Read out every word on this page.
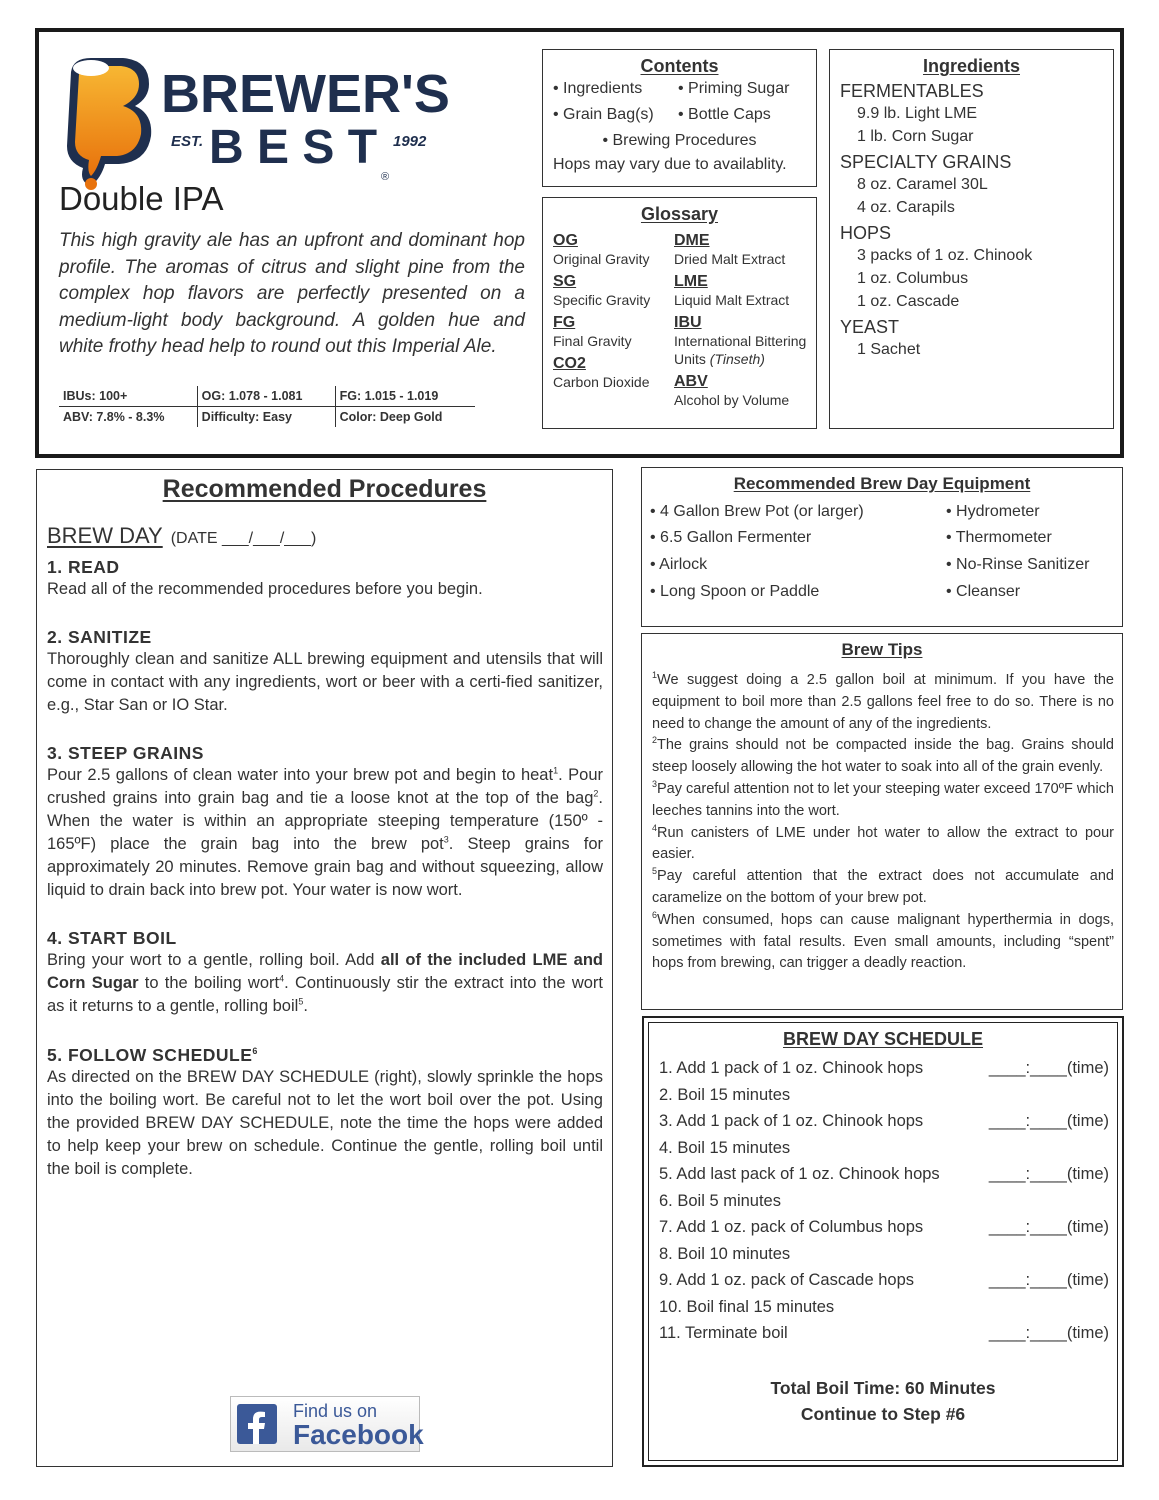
BREWER'S
EST. B E S T 1992
®
Double IPA
This high gravity ale has an upfront and dominant hop profile. The aromas of citrus and slight pine from the complex hop flavors are perfectly presented on a medium-light body background. A golden hue and white frothy head help to round out this Imperial Ale.
IBUs: 100+	OG: 1.078 - 1.081	FG: 1.015 - 1.019
ABV: 7.8% - 8.3%	Difficulty: Easy	Color: Deep Gold
Contents
• Ingredients • Priming Sugar
• Grain Bag(s) • Bottle Caps
• Brewing Procedures
Hops may vary due to availablity.
Glossary
OG
Original Gravity
SG
Specific Gravity
FG
Final Gravity
CO2
Carbon Dioxide
DME
Dried Malt Extract
LME
Liquid Malt Extract
IBU
International Bittering
Units (Tinseth)
ABV
Alcohol by Volume
Ingredients
FERMENTABLES
9.9 lb. Light LME
1 lb. Corn Sugar
SPECIALTY GRAINS
8 oz. Caramel 30L
4 oz. Carapils
HOPS
3 packs of 1 oz. Chinook
1 oz. Columbus
1 oz. Cascade
YEAST
1 Sachet
Recommended Procedures
BREW DAY (DATE ___/___/___)
1. READ
Read all of the recommended procedures before you begin.
2. SANITIZE
Thoroughly clean and sanitize ALL brewing equipment and utensils that will come in contact with any ingredients, wort or beer with a certi-fied sanitizer, e.g., Star San or IO Star.
3. STEEP GRAINS
Pour 2.5 gallons of clean water into your brew pot and begin to heat$^1$. Pour crushed grains into grain bag and tie a loose knot at the top of the bag$^2$. When the water is within an appropriate steeping temperature (150º - 165ºF) place the grain bag into the brew pot$^3$. Steep grains for approximately 20 minutes. Remove grain bag and without squeezing, allow liquid to drain back into brew pot. Your water is now wort.
4. START BOIL
Bring your wort to a gentle, rolling boil. Add all of the included LME and Corn Sugar to the boiling wort$^4$. Continuously stir the extract into the wort as it returns to a gentle, rolling boil$^5$.
5. FOLLOW SCHEDULE$^6$
As directed on the BREW DAY SCHEDULE (right), slowly sprinkle the hops into the boiling wort. Be careful not to let the wort boil over the pot. Using the provided BREW DAY SCHEDULE, note the time the hops were added to help keep your brew on schedule. Continue the gentle, rolling boil until the boil is complete.
Find us on
Facebook
Recommended Brew Day Equipment
• 4 Gallon Brew Pot (or larger)
• 6.5 Gallon Fermenter
• Airlock
• Long Spoon or Paddle
• Hydrometer
• Thermometer
• No-Rinse Sanitizer
• Cleanser
Brew Tips
$^1$We suggest doing a 2.5 gallon boil at minimum. If you have the equipment to boil more than 2.5 gallons feel free to do so. There is no need to change the amount of any of the ingredients.
$^2$The grains should not be compacted inside the bag. Grains should steep loosely allowing the hot water to soak into all of the grain evenly.
$^3$Pay careful attention not to let your steeping water exceed 170ºF which leeches tannins into the wort.
$^4$Run canisters of LME under hot water to allow the extract to pour easier.
$^5$Pay careful attention that the extract does not accumulate and caramelize on the bottom of your brew pot.
$^6$When consumed, hops can cause malignant hyperthermia in dogs, sometimes with fatal results. Even small amounts, including “spent” hops from brewing, can trigger a deadly reaction.
BREW DAY SCHEDULE
1. Add 1 pack of 1 oz. Chinook hops	____:____(time)
2. Boil 15 minutes
3. Add 1 pack of 1 oz. Chinook hops	____:____(time)
4. Boil 15 minutes
5. Add last pack of 1 oz. Chinook hops	____:____(time)
6. Boil 5 minutes
7. Add 1 oz. pack of Columbus hops	____:____(time)
8. Boil 10 minutes
9. Add 1 oz. pack of Cascade hops	____:____(time)
10. Boil final 15 minutes
11. Terminate boil	____:____(time)
Total Boil Time: 60 Minutes
Continue to Step #6
